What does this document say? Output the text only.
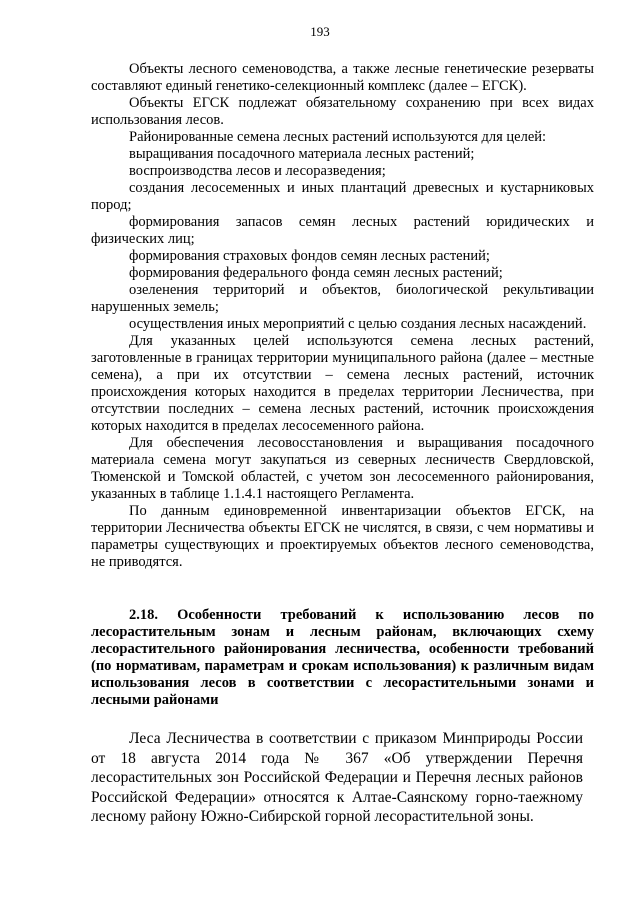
193

Объекты лесного семеноводства, а также лесные генетические резерваты составляют единый генетико-селекционный комплекс (далее – ЕГСК).

Объекты ЕГСК подлежат обязательному сохранению при всех видах использования лесов.

Районированные семена лесных растений используются для целей:

выращивания посадочного материала лесных растений;

воспроизводства лесов и лесоразведения;

создания лесосеменных и иных плантаций древесных и кустарниковых пород;

формирования запасов семян лесных растений юридических и физических лиц;

формирования страховых фондов семян лесных растений;

формирования федерального фонда семян лесных растений;

озеленения территорий и объектов, биологической рекультивации нарушенных земель;

осуществления иных мероприятий с целью создания лесных насаждений.

Для указанных целей используются семена лесных растений, заготовленные в границах территории муниципального района (далее – местные семена), а при их отсутствии – семена лесных растений, источник происхождения которых находится в пределах территории Лесничества, при отсутствии последних – семена лесных растений, источник происхождения которых находится в пределах лесосеменного района.

Для обеспечения лесовосстановления и выращивания посадочного материала семена могут закупаться из северных лесничеств Свердловской, Тюменской и Томской областей, с учетом зон лесосеменного районирования, указанных в таблице 1.1.4.1 настоящего Регламента.

По данным единовременной инвентаризации объектов ЕГСК, на территории Лесничества объекты ЕГСК не числятся, в связи, с чем нормативы и параметры существующих и проектируемых объектов лесного семеноводства, не приводятся.

2.18. Особенности требований к использованию лесов по лесорастительным зонам и лесным районам, включающих схему лесорастительного районирования лесничества, особенности требований (по нормативам, параметрам и срокам использования) к различным видам использования лесов в соответствии с лесорастительными зонами и лесными районами

Леса Лесничества в соответствии с приказом Минприроды России от 18 августа 2014 года № 367 «Об утверждении Перечня лесорастительных зон Российской Федерации и Перечня лесных районов Российской Федерации» относятся к Алтае-Саянскому горно-таежному лесному району Южно-Сибирской горной лесорастительной зоны.
